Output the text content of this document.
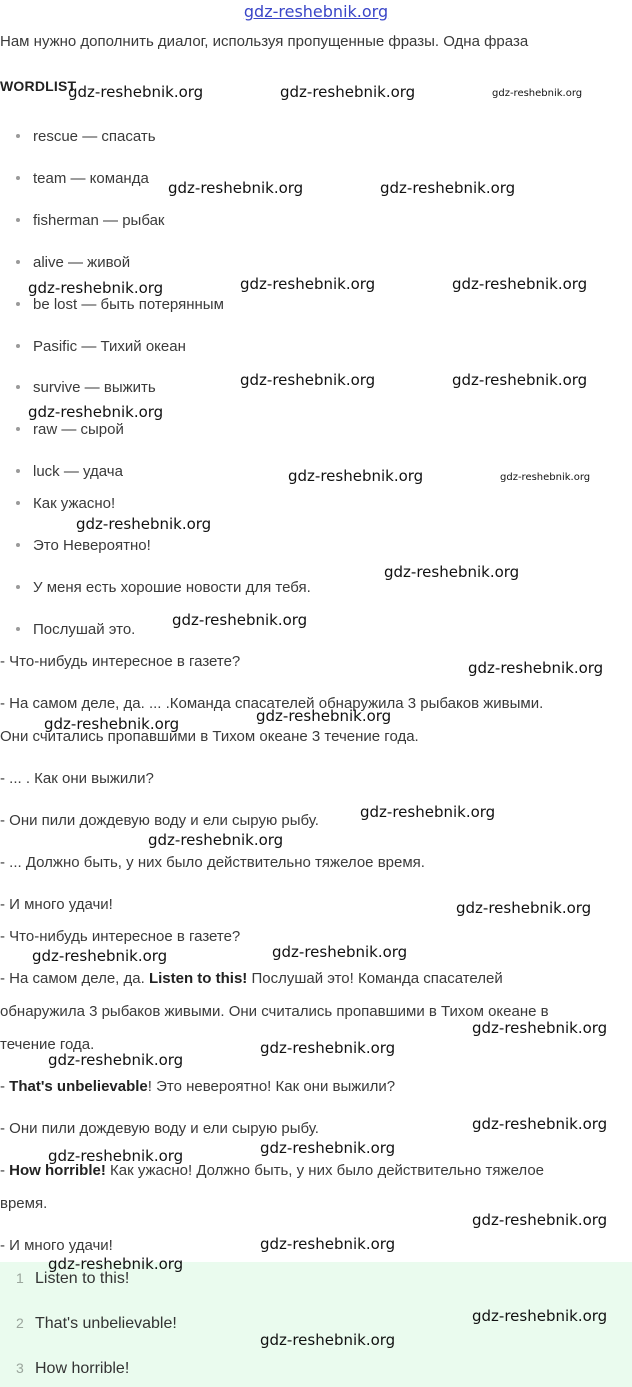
gdz-reshebnik.org
Нам нужно дополнить диалог, используя пропущенные фразы. Одна фраза
WORDLIST
rescue — спасать
team — команда
fisherman — рыбак
alive — живой
be lost — быть потерянным
Pasific — Тихий океан
survive — выжить
raw — сырой
luck — удача
Как ужасно!
Это Невероятно!
У меня есть хорошие новости для тебя.
Послушай это.
- Что-нибудь интересное в газете?
- На самом деле, да. ... .Команда спасателей обнаружила 3 рыбаков живыми.
Они считались пропавшими в Тихом океане 3 течение года.
- ... . Как они выжили?
- Они пили дождевую воду и ели сырую рыбу.
- ... Должно быть, у них было действительно тяжелое время.
- И много удачи!
- Что-нибудь интересное в газете?
- На самом деле, да. Listen to this! Послушай это! Команда спасателей
обнаружила 3 рыбаков живыми. Они считались пропавшими в Тихом океане в
течение года.
- That's unbelievable! Это невероятно! Как они выжили?
- Они пили дождевую воду и ели сырую рыбу.
- How horrible! Как ужасно! Должно быть, у них было действительно тяжелое
время.
- И много удачи!
1 Listen to this!
2 That's unbelievable!
3 How horrible!
gdz-reshebnik.org	gdz-reshebnik.org	gdz-reshebnik.org
gdz-reshebnik.org	gdz-reshebnik.org
gdz-reshebnik.org	gdz-reshebnik.org
gdz-reshebnik.org
gdz-reshebnik.org	gdz-reshebnik.org
gdz-reshebnik.org
gdz-reshebnik.org	gdz-reshebnik.org
gdz-reshebnik.org
gdz-reshebnik.org
gdz-reshebnik.org
gdz-reshebnik.org
gdz-reshebnik.org
gdz-reshebnik.org
gdz-reshebnik.org
gdz-reshebnik.org
gdz-reshebnik.org
gdz-reshebnik.org
gdz-reshebnik.org
gdz-reshebnik.org
gdz-reshebnik.org
gdz-reshebnik.org
gdz-reshebnik.org
gdz-reshebnik.org
gdz-reshebnik.org
gdz-reshebnik.org
gdz-reshebnik.org
gdz-reshebnik.org
gdz-reshebnik.org
gdz-reshebnik.org
